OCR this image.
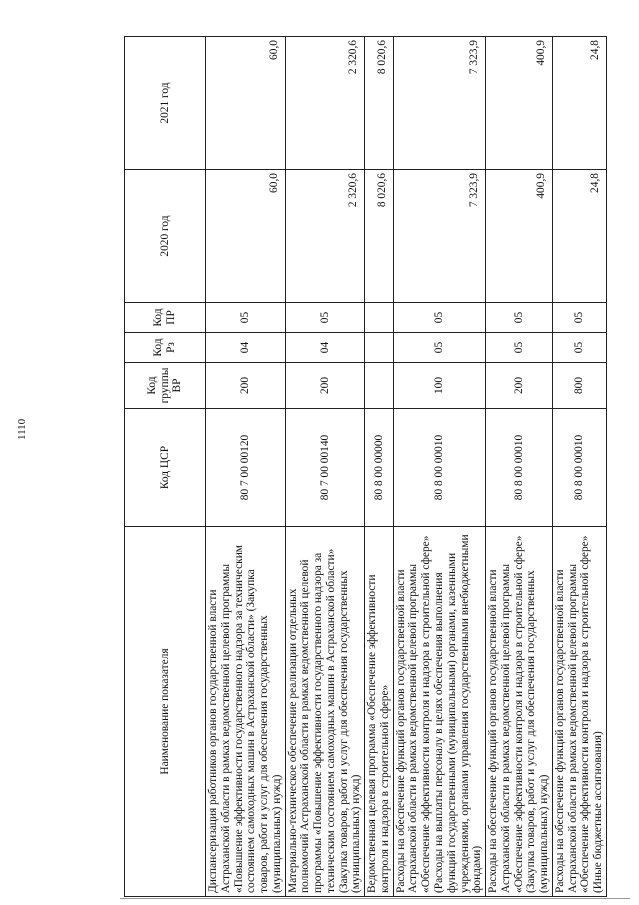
1110
Наименование показателя	Код ЦСР	Код группы ВР	Код Рз	Код ПР	2020 год	2021 год
Диспансеризация работников органов государственной власти Астраханской области в рамках ведомственной целевой программы «Повышение эффективности государственного надзора за техническим состоянием самоходных машин в Астраханской области» (Закупка товаров, работ и услуг для обеспечения государственных (муниципальных) нужд)	80 7 00 00120	200	04	05	60,0	60,0
Материально-техническое обеспечение реализации отдельных полномочий Астраханской области в рамках ведомственной целевой программы «Повышение эффективности государственного надзора за техническим состоянием самоходных машин в Астраханской области» (Закупка товаров, работ и услуг для обеспечения государственных (муниципальных) нужд)	80 7 00 00140	200	04	05	2 320,6	2 320,6
Ведомственная целевая программа «Обеспечение эффективности контроля и надзора в строительной сфере»	80 8 00 00000				8 020,6	8 020,6
Расходы на обеспечение функций органов государственной власти Астраханской области в рамках ведомственной целевой программы «Обеспечение эффективности контроля и надзора в строительной сфере» (Расходы на выплаты персоналу в целях обеспечения выполнения функций государственными (муниципальными) органами, казенными учреждениями, органами управления государственными внебюджетными фондами)	80 8 00 00010	100	05	05	7 323,9	7 323,9
Расходы на обеспечение функций органов государственной власти Астраханской области в рамках ведомственной целевой программы «Обеспечение эффективности контроля и надзора в строительной сфере» (Закупка товаров, работ и услуг для обеспечения государственных (муниципальных) нужд)	80 8 00 00010	200	05	05	400,9	400,9
Расходы на обеспечение функций органов государственной власти Астраханской области в рамках ведомственной целевой программы «Обеспечение эффективности контроля и надзора в строительной сфере» (Иные бюджетные ассигнования)	80 8 00 00010	800	05	05	24,8	24,8
